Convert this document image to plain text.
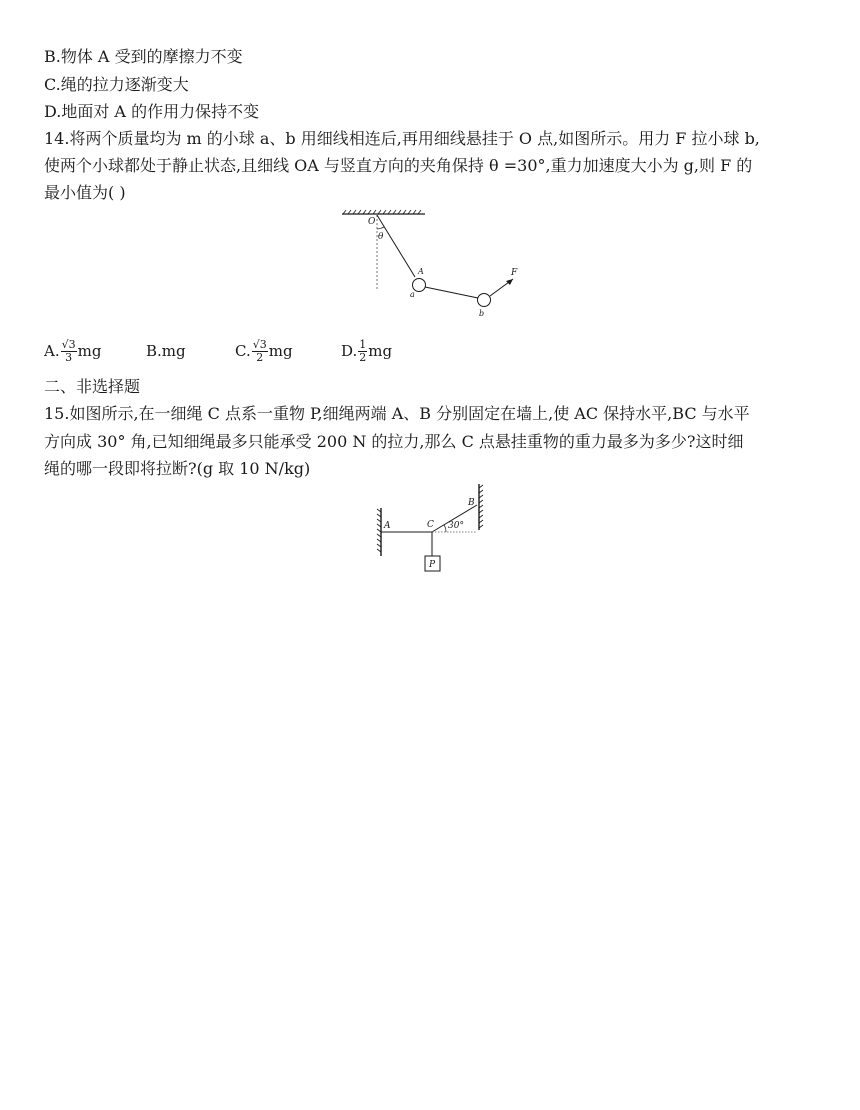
B.物体 A 受到的摩擦力不变
C.绳的拉力逐渐变大
D.地面对 A 的作用力保持不变
14.将两个质量均为 m 的小球 a、b 用细线相连后,再用细线悬挂于 O 点,如图所示。用力 F 拉小球 b,
使两个小球都处于静止状态,且细线 OA 与竖直方向的夹角保持 θ =30°,重力加速度大小为 g,则 F 的
最小值为( )
O
θ
A
a
b
F
A. $\frac{√3}{3}$ mg	B. mg	C. $\frac{√3}{2}$ mg	D. $\frac{1}{2}$ mg
二、非选择题
15.如图所示,在一细绳 C 点系一重物 P,细绳两端 A、B 分别固定在墙上,使 AC 保持水平,BC 与水平
方向成 30° 角,已知细绳最多只能承受 200 N 的拉力,那么 C 点悬挂重物的重力最多为多少?这时细
绳的哪一段即将拉断?(g 取 10 N/kg)
A	C
B
30°
P
